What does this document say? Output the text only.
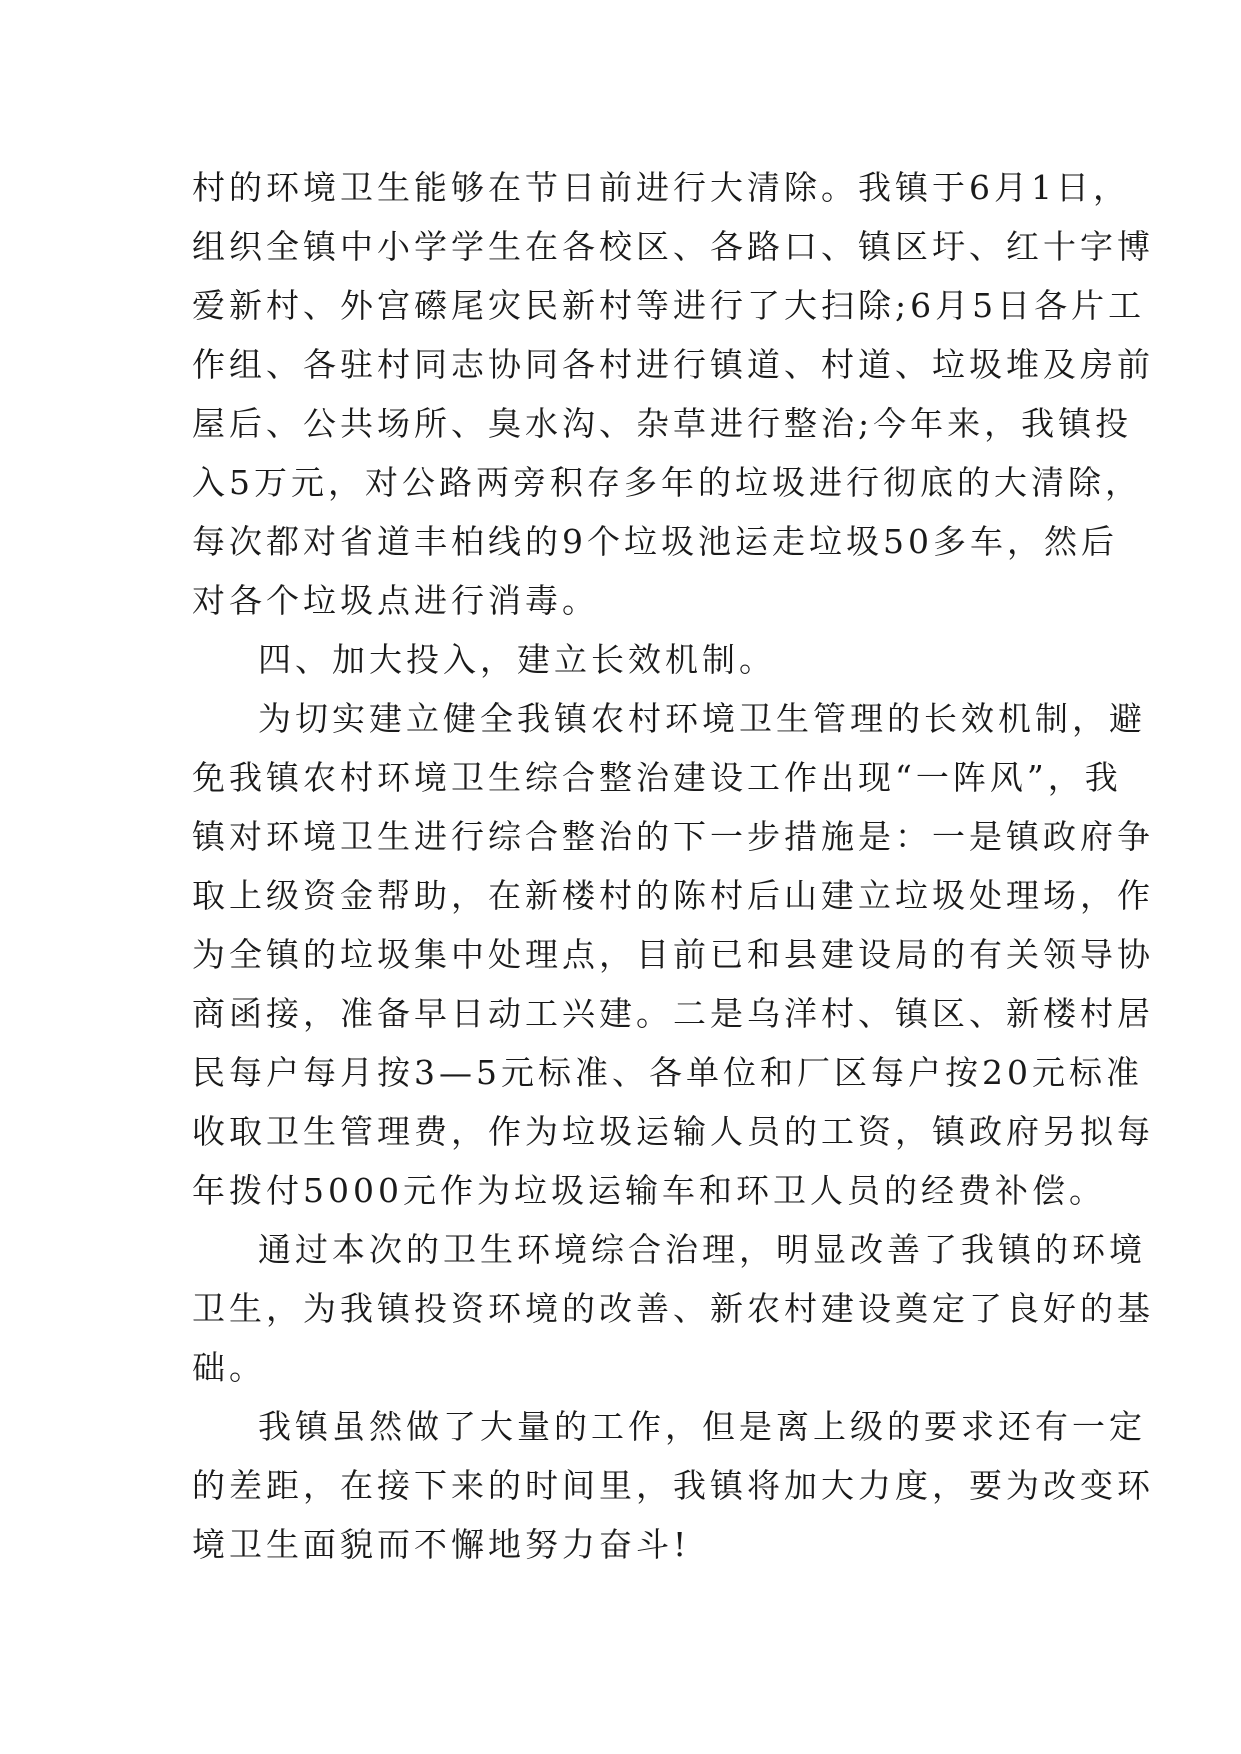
村的环境卫生能够在节日前进行大清除。我镇于6月1日，
组织全镇中小学学生在各校区、各路口、镇区圩、红十字博
爱新村、外宫礤尾灾民新村等进行了大扫除;6月5日各片工
作组、各驻村同志协同各村进行镇道、村道、垃圾堆及房前
屋后、公共场所、臭水沟、杂草进行整治;今年来，我镇投
入5万元，对公路两旁积存多年的垃圾进行彻底的大清除，
每次都对省道丰柏线的9个垃圾池运走垃圾50多车，然后
对各个垃圾点进行消毒。
四、加大投入，建立长效机制。
为切实建立健全我镇农村环境卫生管理的长效机制，避
免我镇农村环境卫生综合整治建设工作出现“一阵风”，我
镇对环境卫生进行综合整治的下一步措施是：一是镇政府争
取上级资金帮助，在新楼村的陈村后山建立垃圾处理场，作
为全镇的垃圾集中处理点，目前已和县建设局的有关领导协
商函接，准备早日动工兴建。二是乌洋村、镇区、新楼村居
民每户每月按3—5元标准、各单位和厂区每户按20元标准
收取卫生管理费，作为垃圾运输人员的工资，镇政府另拟每
年拨付5000元作为垃圾运输车和环卫人员的经费补偿。
通过本次的卫生环境综合治理，明显改善了我镇的环境
卫生，为我镇投资环境的改善、新农村建设奠定了良好的基
础。
我镇虽然做了大量的工作，但是离上级的要求还有一定
的差距，在接下来的时间里，我镇将加大力度，要为改变环
境卫生面貌而不懈地努力奋斗!
